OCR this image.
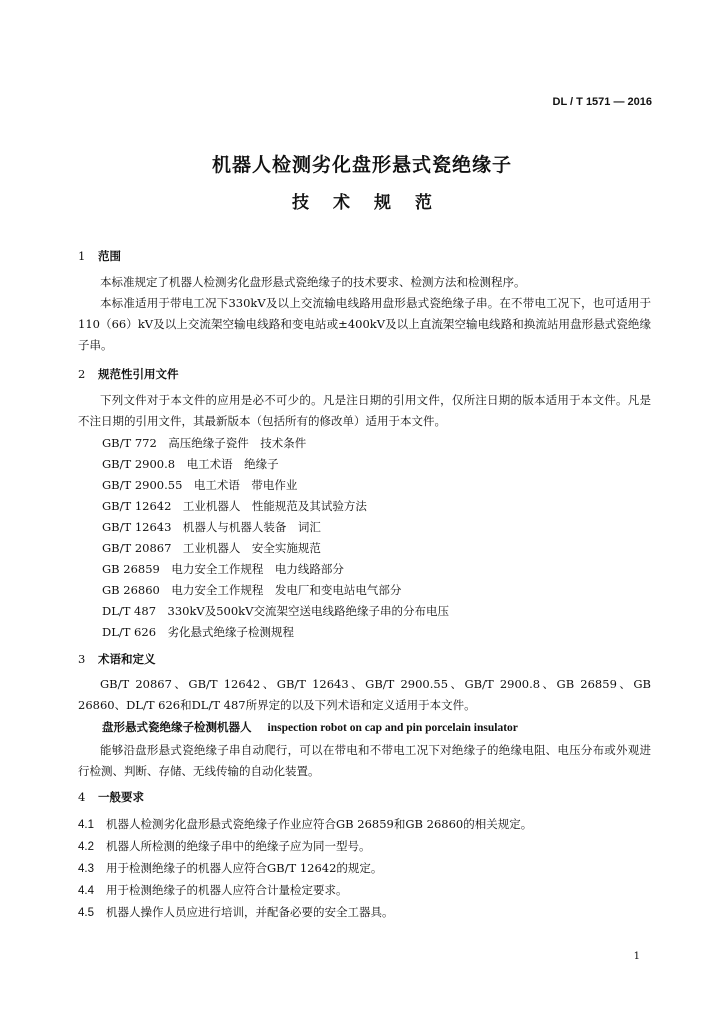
DL / T 1571 — 2016
机器人检测劣化盘形悬式瓷绝缘子
技术规范
1 范围

本标准规定了机器人检测劣化盘形悬式瓷绝缘子的技术要求、检测方法和检测程序。

本标准适用于带电工况下330kV及以上交流输电线路用盘形悬式瓷绝缘子串。在不带电工况下，也可适用于110（66）kV及以上交流架空输电线路和变电站或±400kV及以上直流架空输电线路和换流站用盘形悬式瓷绝缘子串。

2 规范性引用文件

下列文件对于本文件的应用是必不可少的。凡是注日期的引用文件，仅所注日期的版本适用于本文件。凡是不注日期的引用文件，其最新版本（包括所有的修改单）适用于本文件。

GB/T 772　高压绝缘子瓷件　技术条件
GB/T 2900.8　电工术语　绝缘子
GB/T 2900.55　电工术语　带电作业
GB/T 12642　工业机器人　性能规范及其试验方法
GB/T 12643　机器人与机器人装备　词汇
GB/T 20867　工业机器人　安全实施规范
GB 26859　电力安全工作规程　电力线路部分
GB 26860　电力安全工作规程　发电厂和变电站电气部分
DL/T 487　330kV及500kV交流架空送电线路绝缘子串的分布电压
DL/T 626　劣化悬式绝缘子检测规程
3 术语和定义

GB/T 20867、GB/T 12642、GB/T 12643、GB/T 2900.55、GB/T 2900.8、GB 26859、GB 26860、DL/T 626和DL/T 487所界定的以及下列术语和定义适用于本文件。

盘形悬式瓷绝缘子检测机器人 inspection robot on cap and pin porcelain insulator

能够沿盘形悬式瓷绝缘子串自动爬行，可以在带电和不带电工况下对绝缘子的绝缘电阻、电压分布或外观进行检测、判断、存储、无线传输的自动化装置。

4 一般要求
4.1 机器人检测劣化盘形悬式瓷绝缘子作业应符合GB 26859和GB 26860的相关规定。
4.2 机器人所检测的绝缘子串中的绝缘子应为同一型号。
4.3 用于检测绝缘子的机器人应符合GB/T 12642的规定。
4.4 用于检测绝缘子的机器人应符合计量检定要求。
4.5 机器人操作人员应进行培训，并配备必要的安全工器具。
1
